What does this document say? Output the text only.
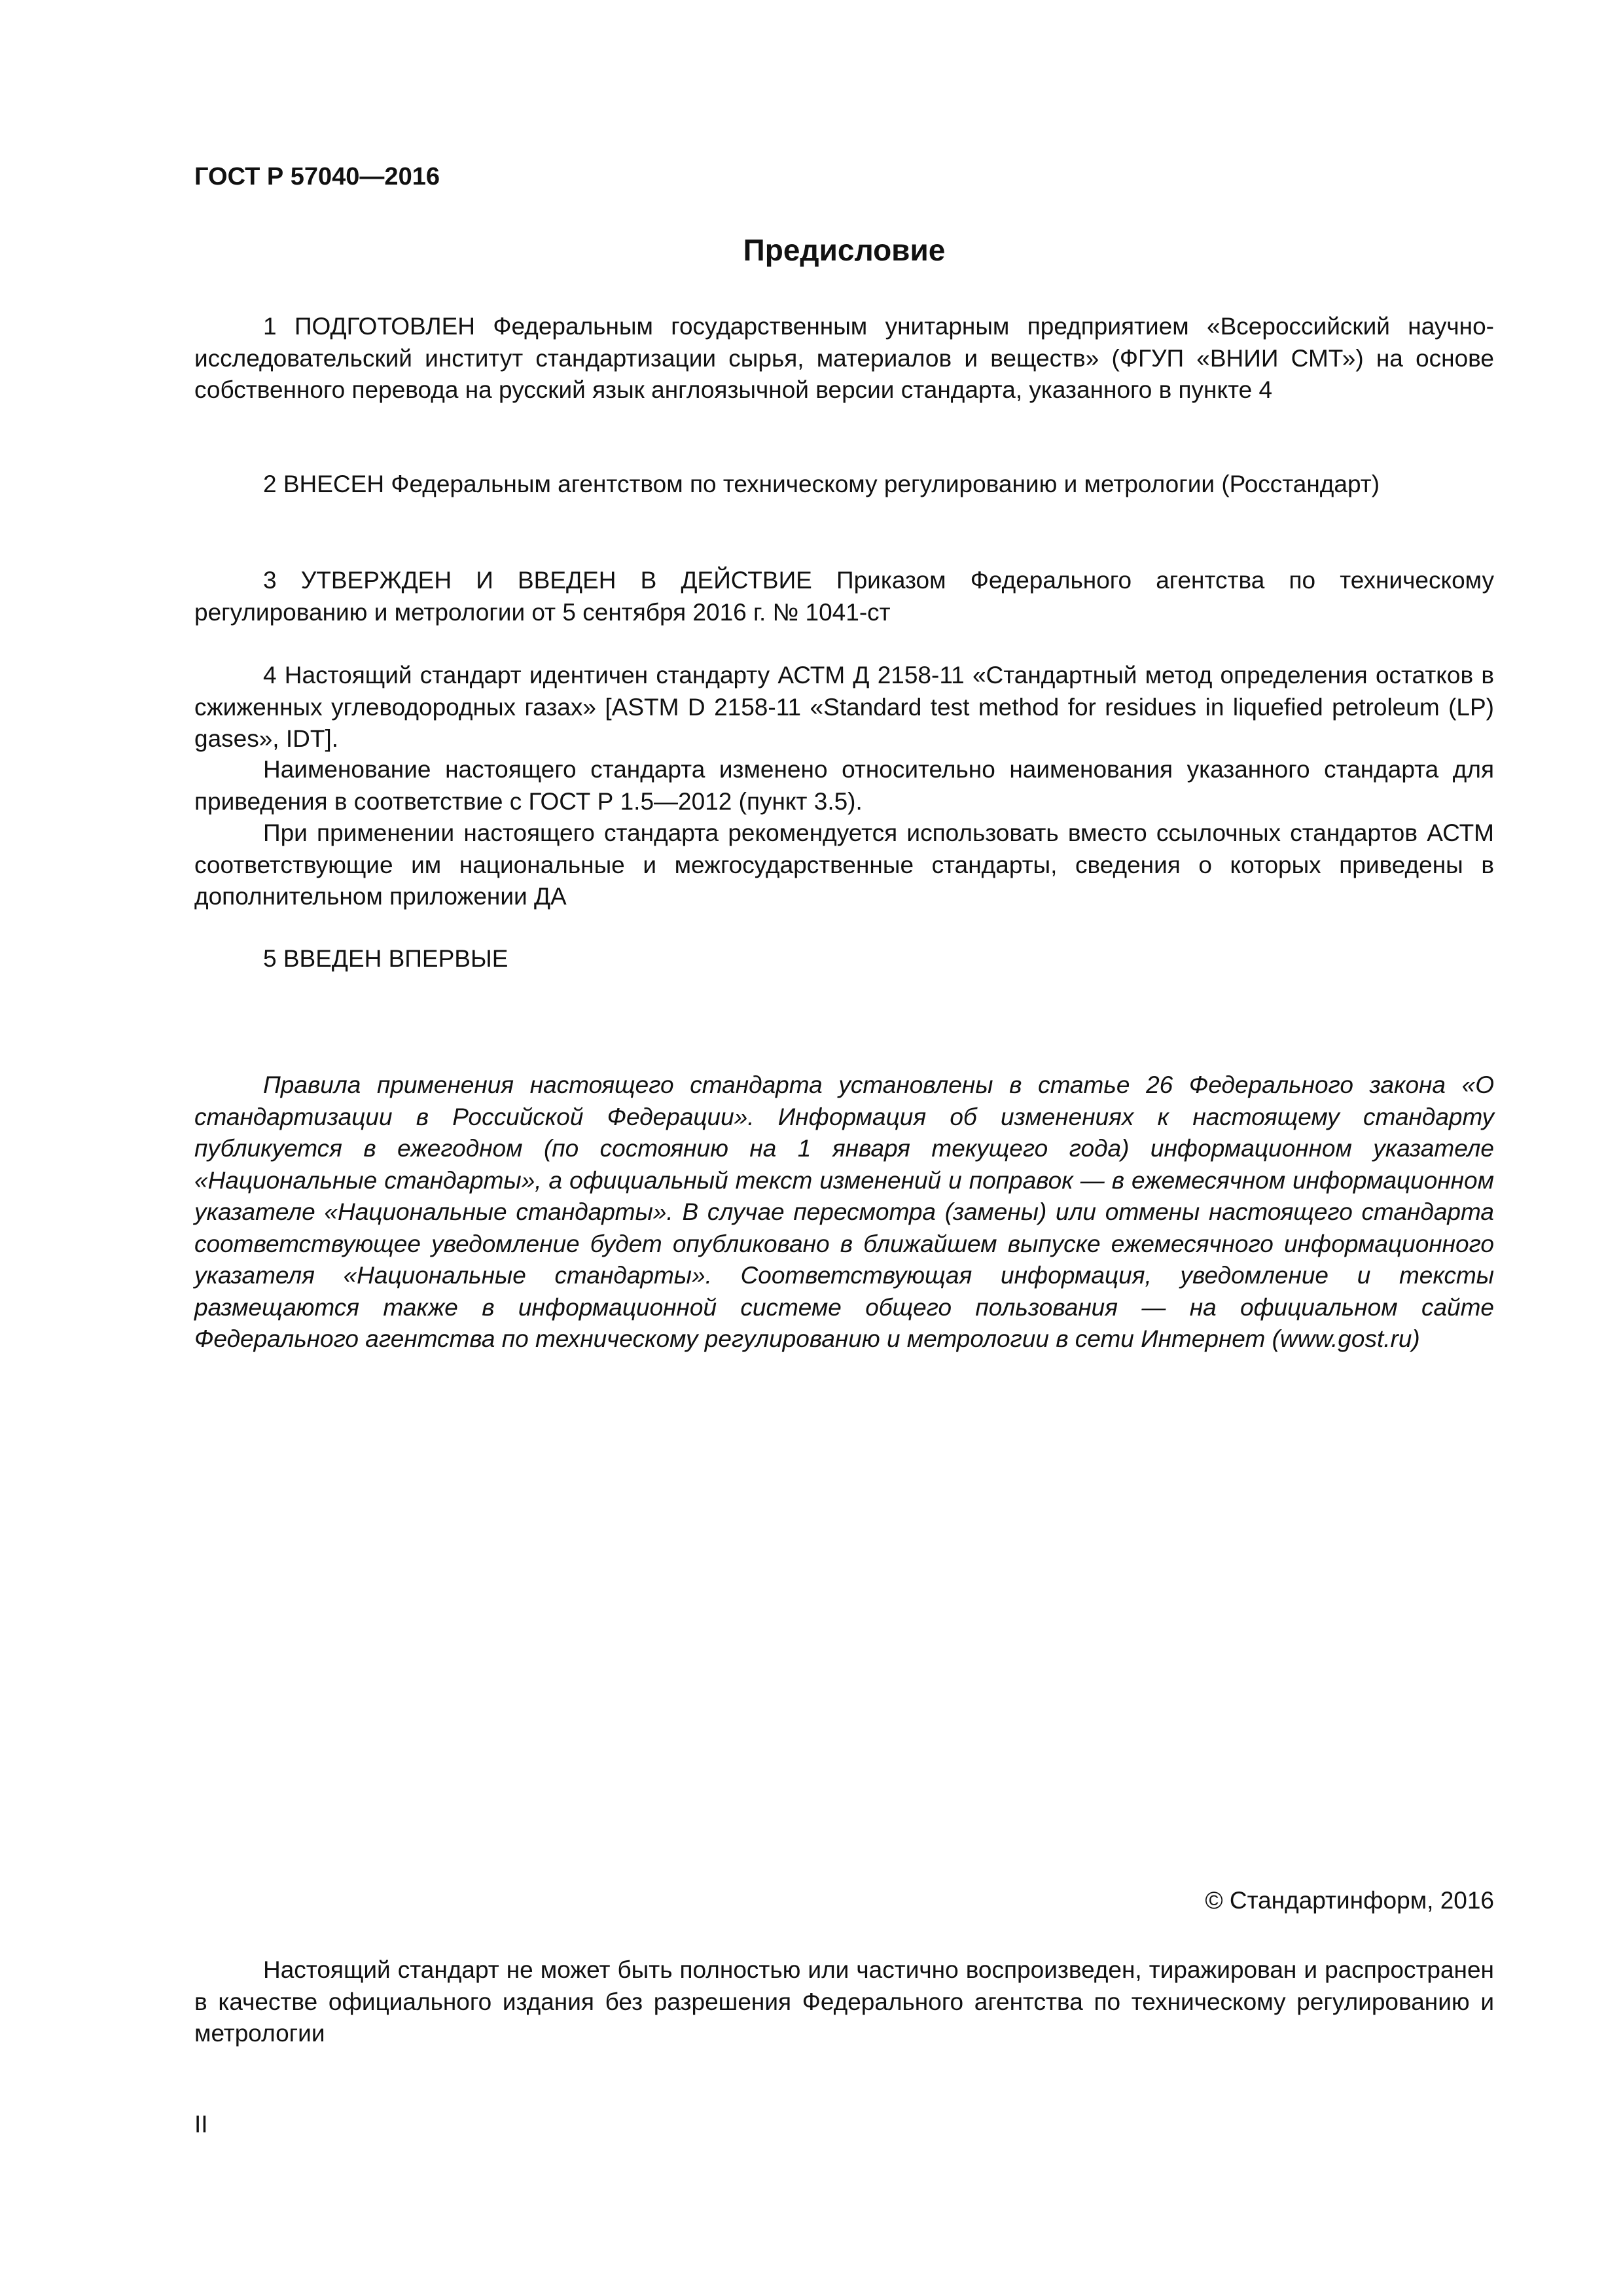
ГОСТ Р 57040—2016

Предисловие

1 ПОДГОТОВЛЕН Федеральным государственным унитарным предприятием «Всероссийский научно-исследовательский институт стандартизации сырья, материалов и веществ» (ФГУП «ВНИИ СМТ») на основе собственного перевода на русский язык англоязычной версии стандарта, указанного в пункте 4

2 ВНЕСЕН Федеральным агентством по техническому регулированию и метрологии (Росстандарт)

3 УТВЕРЖДЕН И ВВЕДЕН В ДЕЙСТВИЕ Приказом Федерального агентства по техническому регулированию и метрологии от 5 сентября 2016 г. № 1041-ст

4 Настоящий стандарт идентичен стандарту АСТМ Д 2158-11 «Стандартный метод определения остатков в сжиженных углеводородных газах» [ASTM D 2158-11 «Standard test method for residues in liquefied petroleum (LP) gases», IDT].

Наименование настоящего стандарта изменено относительно наименования указанного стандарта для приведения в соответствие с ГОСТ Р 1.5—2012 (пункт 3.5).

При применении настоящего стандарта рекомендуется использовать вместо ссылочных стандартов АСТМ соответствующие им национальные и межгосударственные стандарты, сведения о которых приведены в дополнительном приложении ДА

5 ВВЕДЕН ВПЕРВЫЕ

Правила применения настоящего стандарта установлены в статье 26 Федерального закона «О стандартизации в Российской Федерации». Информация об изменениях к настоящему стандарту публикуется в ежегодном (по состоянию на 1 января текущего года) информационном указателе «Национальные стандарты», а официальный текст изменений и поправок — в ежемесячном информационном указателе «Национальные стандарты». В случае пересмотра (замены) или отмены настоящего стандарта соответствующее уведомление будет опубликовано в ближайшем выпуске ежемесячного информационного указателя «Национальные стандарты». Соответствующая информация, уведомление и тексты размещаются также в информационной системе общего пользования — на официальном сайте Федерального агентства по техническому регулированию и метрологии в сети Интернет (www.gost.ru)

© Стандартинформ, 2016

Настоящий стандарт не может быть полностью или частично воспроизведен, тиражирован и распространен в качестве официального издания без разрешения Федерального агентства по техническому регулированию и метрологии

II
